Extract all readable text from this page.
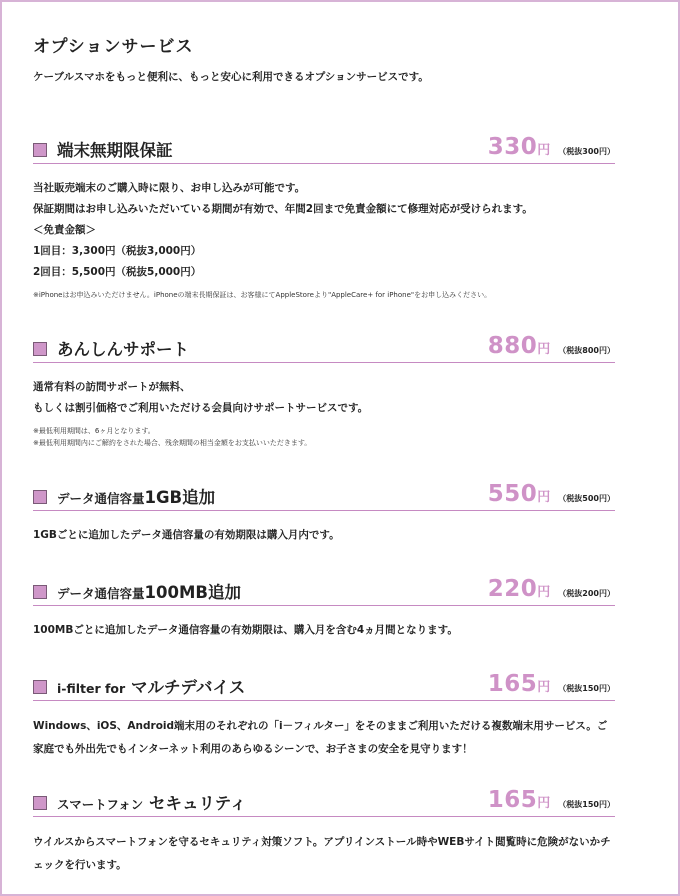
オプションサービス

ケーブルスマホをもっと便利に、もっと安心に利用できるオプションサービスです。

端末無期限保証	330円 （税抜300円）

当社販売端末のご購入時に限り、お申し込みが可能です。

保証期間はお申し込みいただいている期間が有効で、年間2回まで免責金額にて修理対応が受けられます。

＜免責金額＞

1回目：3,300円（税抜3,000円）

2回目：5,500円（税抜5,000円）

※iPhoneはお申込みいただけません。iPhoneの端末長期保証は、お客様にてAppleStoreより"AppleCare+ for iPhone"をお申し込みください。

あんしんサポート	880円 （税抜800円）

通常有料の訪問サポートが無料、

もしくは割引価格でご利用いただける会員向けサポートサービスです。

※最低利用期間は、6ヶ月となります。

※最低利用期間内にご解約をされた場合、残余期間の相当金額をお支払いいただきます。

データ通信容量1GB追加	550円 （税抜500円）

1GBごとに追加したデータ通信容量の有効期限は購入月内です。

データ通信容量100MB追加	220円 （税抜200円）

100MBごとに追加したデータ通信容量の有効期限は、購入月を含む4ヵ月間となります。

i-filter for マルチデバイス	165円 （税抜150円）

Windows、iOS、Android端末用のそれぞれの「i－フィルター」をそのままご利用いただける複数端末用サービス。ご家庭でも外出先でもインターネット利用のあらゆるシーンで、お子さまの安全を見守ります！

スマートフォン セキュリティ	165円 （税抜150円）

ウイルスからスマートフォンを守るセキュリティ対策ソフト。アプリインストール時やWEBサイト閲覧時に危険がないかチェックを行います。
